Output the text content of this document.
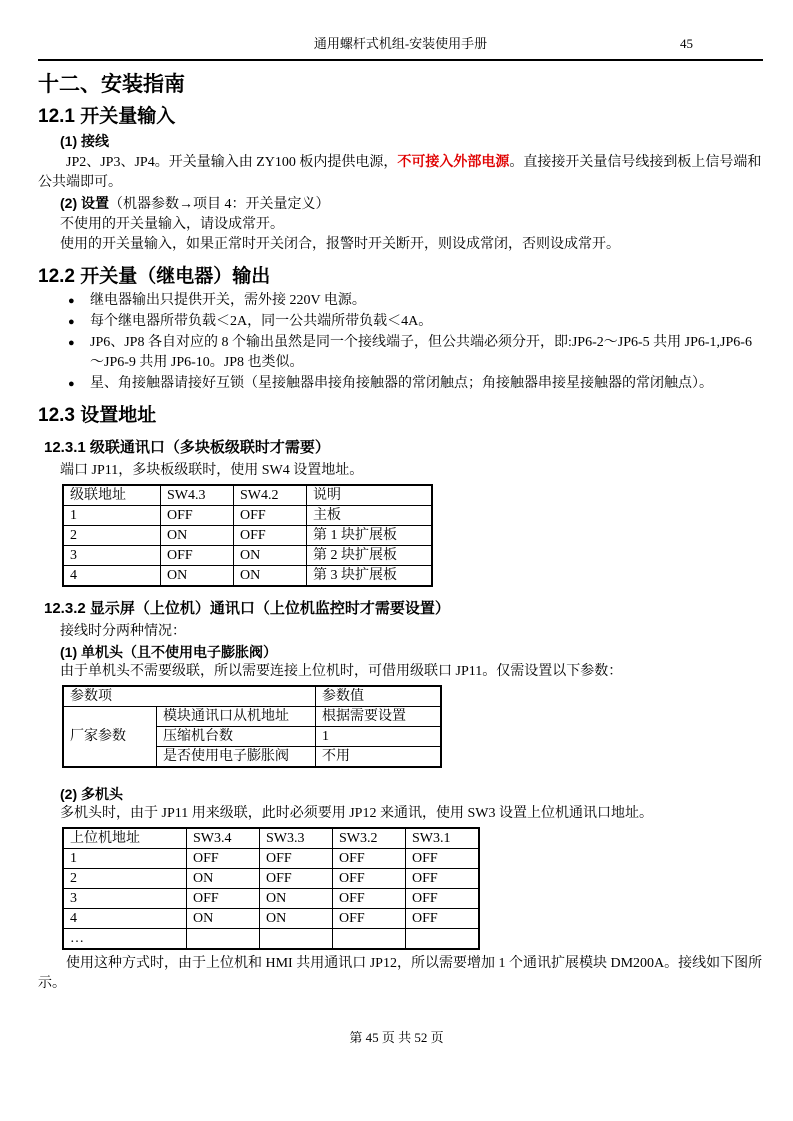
通用螺杆式机组-安装使用手册	45
十二、安装指南
12.1 开关量输入

(1) 接线

JP2、JP3、JP4。开关量输入由 ZY100 板内提供电源，不可接入外部电源。直接接开关量信号线接到板上信号端和公共端即可。

(2) 设置（机器参数→项目 4：开关量定义）

不使用的开关量输入，请设成常开。

使用的开关量输入，如果正常时开关闭合，报警时开关断开，则设成常闭，否则设成常开。

12.2 开关量（继电器）输出
● 继电器输出只提供开关，需外接 220V 电源。
● 每个继电器所带负载＜2A，同一公共端所带负载＜4A。
● JP6、JP8 各自对应的 8 个输出虽然是同一个接线端子，但公共端必须分开，即:JP6-2～JP6-5 共用 JP6-1,JP6-6～JP6-9 共用 JP6-10。JP8 也类似。
● 星、角接触器请接好互锁（星接触器串接角接触器的常闭触点；角接触器串接星接触器的常闭触点）。
12.3 设置地址
12.3.1 级联通讯口（多块板级联时才需要）

端口 JP11，多块板级联时，使用 SW4 设置地址。

级联地址	SW4.3	SW4.2	说明
1	OFF	OFF	主板
2	ON	OFF	第 1 块扩展板
3	OFF	ON	第 2 块扩展板
4	ON	ON	第 3 块扩展板
12.3.2 显示屏（上位机）通讯口（上位机监控时才需要设置）

接线时分两种情况：

(1) 单机头（且不使用电子膨胀阀）

由于单机头不需要级联，所以需要连接上位机时，可借用级联口 JP11。仅需设置以下参数：

参数项		参数值
厂家参数	模块通讯口从机地址	根据需要设置
	压缩机台数	1
	是否使用电子膨胀阀	不用

(2) 多机头

多机头时，由于 JP11 用来级联，此时必须要用 JP12 来通讯，使用 SW3 设置上位机通讯口地址。

上位机地址	SW3.4	SW3.3	SW3.2	SW3.1
1	OFF	OFF	OFF	OFF
2	ON	OFF	OFF	OFF
3	OFF	ON	OFF	OFF
4	ON	ON	OFF	OFF
…				

使用这种方式时，由于上位机和 HMI 共用通讯口 JP12，所以需要增加 1 个通讯扩展模块 DM200A。接线如下图所示。

第 45 页 共 52 页
